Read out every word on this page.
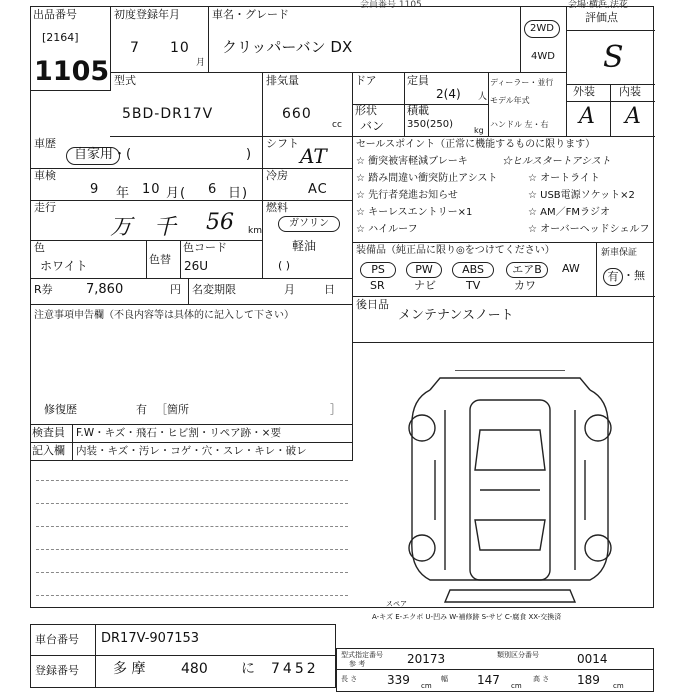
会員番号 1105	会場:横浜,法花
出品番号
[2164]
1105
初度登録年月
7 10
月
車名・グレード
クリッパーバン DX
2WD
4WD
評価点
S
外装 内装
A A
型式
5BD-DR17V
排気量
660
cc
ドア	定員
2(4) 人
ディーラー・並行
モデル年式
ハンドル 左・右
形状
バン
積載
350(250)
kg
車歴
自家用・(	)
シフト
AT
車検
9 年 10 月( 6 日)
冷房
AC
走行
万 千 56 km
燃料
ガソリン
軽油
( )
色
ホワイト	色替
色コード
26U
R券	7,860	円 名変期限	月	日
注意事項申告欄（不良内容等は具体的に記入して下さい）
修復歴	有 ［箇所	］
検査員 F.W・キズ・飛石・ヒビ割・リペア跡・×要
記入欄 内装・キズ・汚レ・コゲ・穴・スレ・キレ・破レ
セールスポイント（正常に機能するものに限ります）
☆ 衝突被害軽減ブレーキ
☆ 踏み間違い衝突防止アシスト
☆ 先行者発進お知らせ
☆ キーレスエントリー×1
☆ ハイルーフ
☆ヒルスタートアシスト
☆ オートライト
☆ USB電源ソケット×2
☆ AM／FMラジオ
☆ オーバーヘッドシェルフ
装備品（純正品に限り◎をつけてください）
PS	PW	ABS	エアB	AW
SR	ナビ	TV	カワ
新車保証
有 ・無
後日品
メンテナンスノート
スペア
A-キズ E-エクボ U-凹み W-補修跡 S-サビ C-腐食 XX-交換済
車台番号 DR17V-907153
登録番号 多 摩	480 に 7452
型式指定番号
参 考	20173	類別区分番号	0014
長 さ 339 cm
幅 147 cm
高 さ 189 cm
